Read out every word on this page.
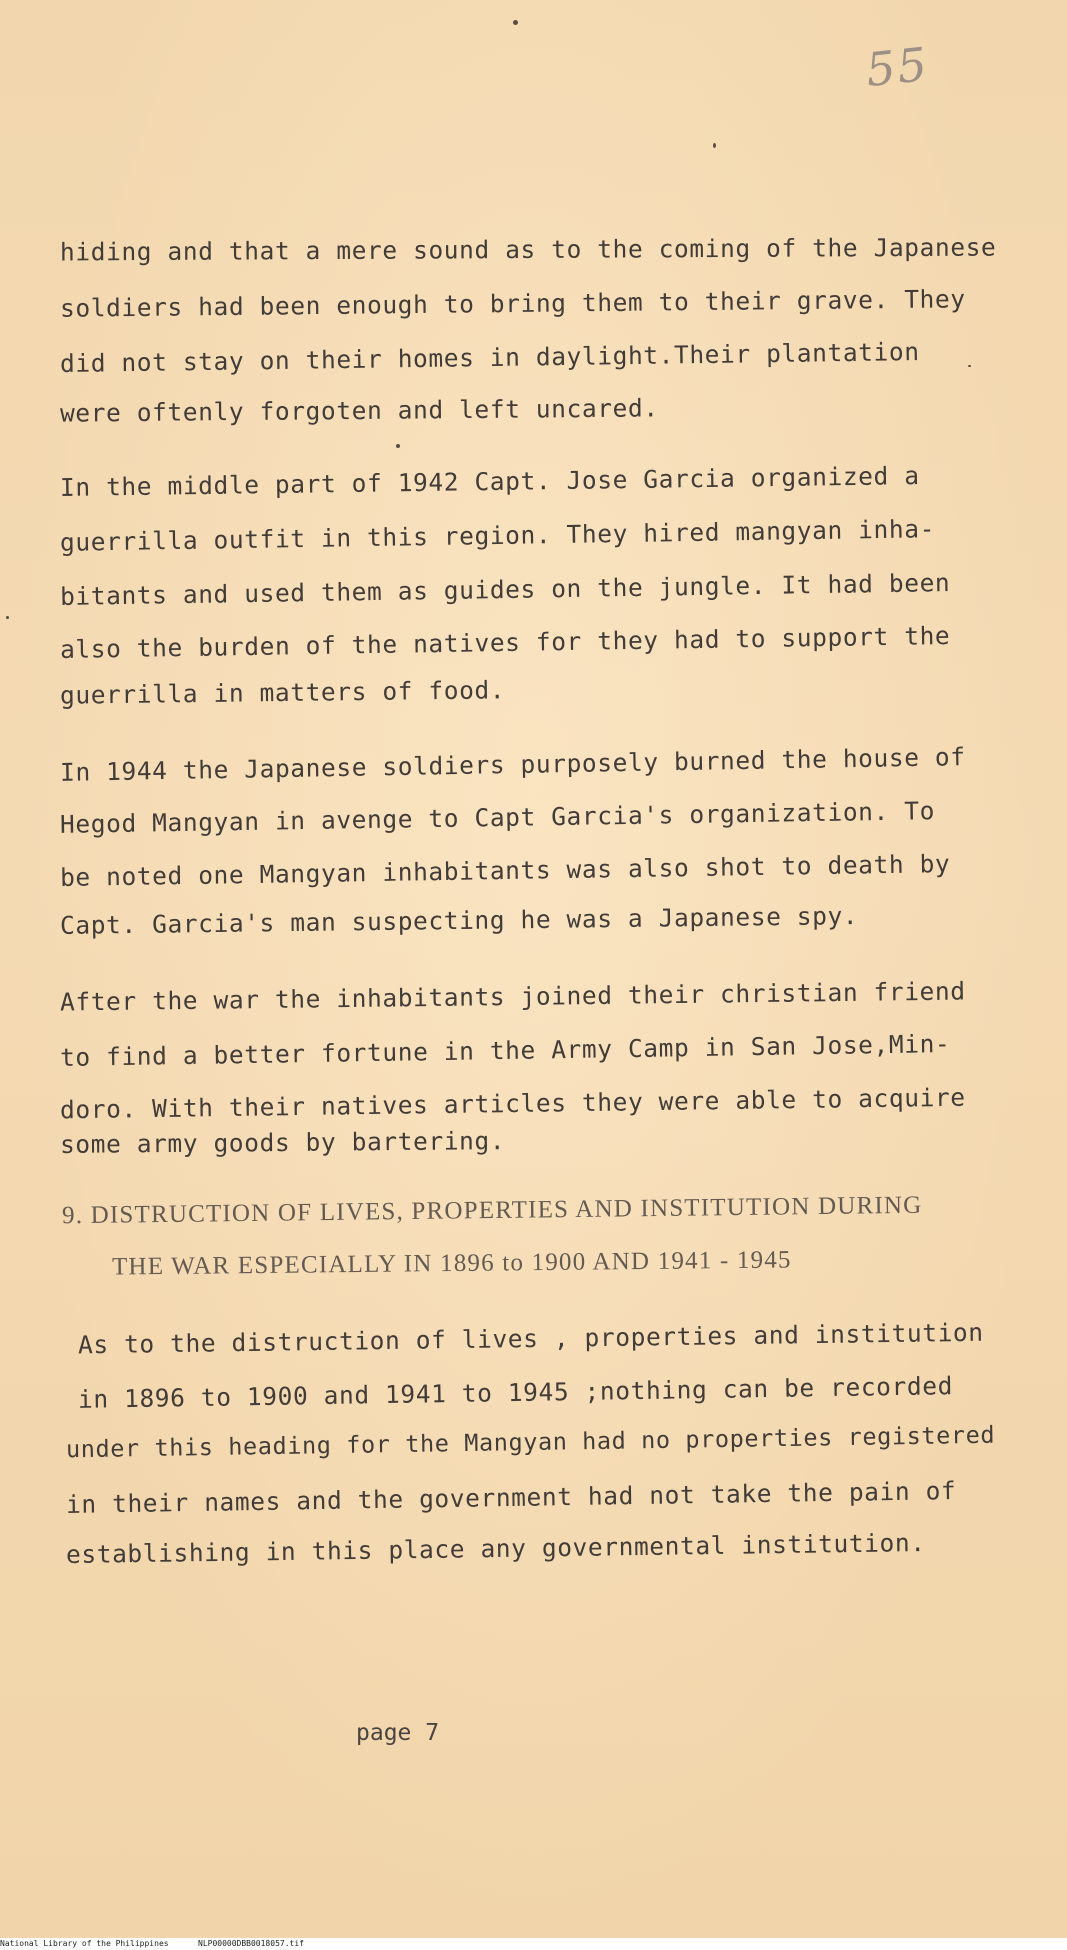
55
hiding and that a mere sound as to the coming of the Japanese
soldiers had been enough to bring them to their grave. They
did not stay on their homes in daylight.Their plantation
were oftenly forgoten and left uncared.
In the middle part of 1942 Capt. Jose Garcia organized a
guerrilla outfit in this region. They hired mangyan inha-
bitants and used them as guides on the jungle. It had been
also the burden of the natives for they had to support the
guerrilla in matters of food.
In 1944 the Japanese soldiers purposely burned the house of
Hegod Mangyan in avenge to Capt Garcia's organization. To
be noted one Mangyan inhabitants was also shot to death by
Capt. Garcia's man suspecting he was a Japanese spy.
After the war the inhabitants joined their christian friend
to find a better fortune in the Army Camp in San Jose,Min-
doro. With their natives articles they were able to acquire
some army goods by bartering.
9. DISTRUCTION OF LIVES, PROPERTIES AND INSTITUTION DURING
THE WAR ESPECIALLY IN 1896 to 1900 AND 1941 - 1945
As to the distruction of lives , properties and institution
in 1896 to 1900 and 1941 to 1945 ;nothing can be recorded
under this heading for the Mangyan had no properties registered
in their names and the government had not take the pain of
establishing in this place any governmental institution.
page 7
National Library of the Philippines	NLP00000DBB0018057.tif
